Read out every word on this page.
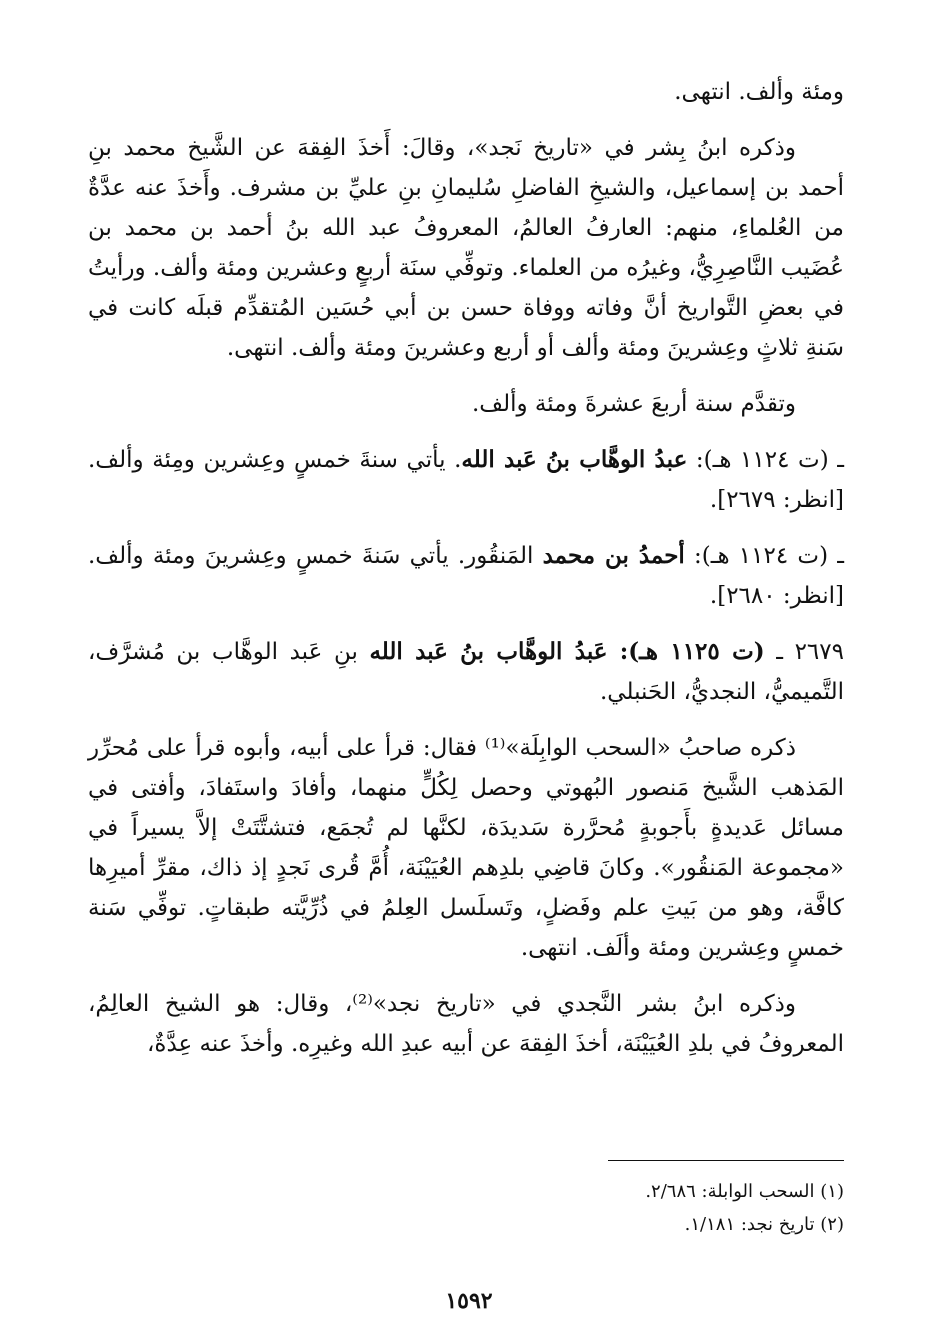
ومئة وألف. انتهى.

وذكره ابنُ بِشر في «تاريخ نَجد»، وقالَ: أَخذَ الفِقهَ عن الشَّيخ محمد بنِ أحمد بن إسماعيل، والشيخِ الفاضلِ سُليمانِ بنِ عليِّ بن مشرف. وأَخذَ عنه عدَّةٌ من العُلماءِ، منهم: العارفُ العالمُ، المعروفُ عبد الله بنُ أحمد بن محمد بن عُضَيب النَّاصِرِيُّ، وغيرُه من العلماء. وتوفِّي سنَة أربعٍ وعشرين ومئة وألف. ورأيتُ في بعضِ التَّواريخ أنَّ وفاته ووفاة حسن بن أبي حُسَين المُتقدِّم قبلَه كانت في سَنةِ ثلاثٍ وعِشرينَ ومئة وألف أو أربع وعشرينَ ومئة وألف. انتهى.

وتقدَّم سنة أربعَ عشرةَ ومئة وألف.

ـ (ت ١١٢٤ هـ): عبدُ الوهَّاب بنُ عَبد الله. يأتي سنةَ خمسٍ وعِشرين ومِئة وألف. [انظر: ٢٦٧٩].

ـ (ت ١١٢٤ هـ): أحمدُ بن محمد المَنقُور. يأتي سَنةَ خمسٍ وعِشرينَ ومئة وألف. [انظر: ٢٦٨٠].

٢٦٧٩ ـ (ت ١١٢٥ هـ): عَبدُ الوهَّاب بنُ عَبد الله بنِ عَبد الوهَّاب بن مُشرَّف، التَّميميُّ، النجديُّ، الحَنبلي.

ذكره صاحبُ «السحب الوابِلَة»⁽¹⁾ فقال: قرأ على أبيه، وأبوه قرأ على مُحرِّر المَذهب الشَّيخ مَنصور البُهوتي وحصل لِكُلٍّ منهما، وأفادَ واستَفادَ، وأفتى في مسائل عَديدةٍ بأَجوبةٍ مُحرَّرة سَديدَة، لكنَّها لم تُجمَع، فتشتَّتَتْ إلاَّ يسيراً في «مجموعة المَنقُور». وكانَ قاضِي بلدِهم العُيَيْنَة، أُمَّ قُرى نَجدٍ إذ ذاك، مقرِّ أميرِها كافَّة، وهو من بَيتِ علم وفَضلٍ، وتَسلَسل العِلمُ في ذُرِّيَّته طبقاتٍ. توفِّي سَنة خمسٍ وعِشرين ومئة وألَف. انتهى.

وذكره ابنُ بشر النَّجدي في «تاريخ نجد»⁽²⁾، وقال: هو الشيخ العالِمُ، المعروفُ في بلدِ العُيَيْنَة، أخذَ الفِقهَ عن أبيه عبدِ الله وغيرِه. وأخذَ عنه عِدَّةٌ،

(١) السحب الوابلة: ٢/٦٨٦.

(٢) تاريخ نجد: ١/١٨١.

١٥٩٢
